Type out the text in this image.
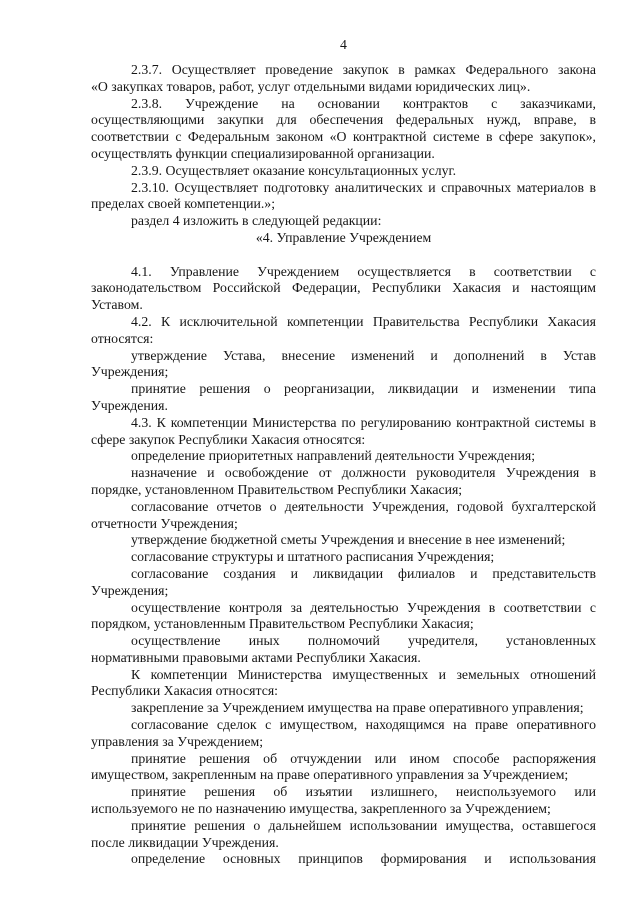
4
2.3.7. Осуществляет проведение закупок в рамках Федерального закона
«О закупках товаров, работ, услуг отдельными видами юридических лиц».
2.3.8. Учреждение на основании контрактов с заказчиками,
осуществляющими закупки для обеспечения федеральных нужд, вправе, в
соответствии с Федеральным законом «О контрактной системе в сфере закупок»,
осуществлять функции специализированной организации.
2.3.9. Осуществляет оказание консультационных услуг.
2.3.10. Осуществляет подготовку аналитических и справочных материалов в
пределах своей компетенции.»;
раздел 4 изложить в следующей редакции:
«4. Управление Учреждением
4.1. Управление Учреждением осуществляется в соответствии с
законодательством Российской Федерации, Республики Хакасия и настоящим
Уставом.
4.2. К исключительной компетенции Правительства Республики Хакасия
относятся:
утверждение Устава, внесение изменений и дополнений в Устав
Учреждения;
принятие решения о реорганизации, ликвидации и изменении типа
Учреждения.
4.3. К компетенции Министерства по регулированию контрактной системы в
сфере закупок Республики Хакасия относятся:
определение приоритетных направлений деятельности Учреждения;
назначение и освобождение от должности руководителя Учреждения в
порядке, установленном Правительством Республики Хакасия;
согласование отчетов о деятельности Учреждения, годовой бухгалтерской
отчетности Учреждения;
утверждение бюджетной сметы Учреждения и внесение в нее изменений;
согласование структуры и штатного расписания Учреждения;
согласование создания и ликвидации филиалов и представительств
Учреждения;
осуществление контроля за деятельностью Учреждения в соответствии с
порядком, установленным Правительством Республики Хакасия;
осуществление иных полномочий учредителя, установленных
нормативными правовыми актами Республики Хакасия.
К компетенции Министерства имущественных и земельных отношений
Республики Хакасия относятся:
закрепление за Учреждением имущества на праве оперативного управления;
согласование сделок с имуществом, находящимся на праве оперативного
управления за Учреждением;
принятие решения об отчуждении или ином способе распоряжения
имуществом, закрепленным на праве оперативного управления за Учреждением;
принятие решения об изъятии излишнего, неиспользуемого или
используемого не по назначению имущества, закрепленного за Учреждением;
принятие решения о дальнейшем использовании имущества, оставшегося
после ликвидации Учреждения.
определение основных принципов формирования и использования
